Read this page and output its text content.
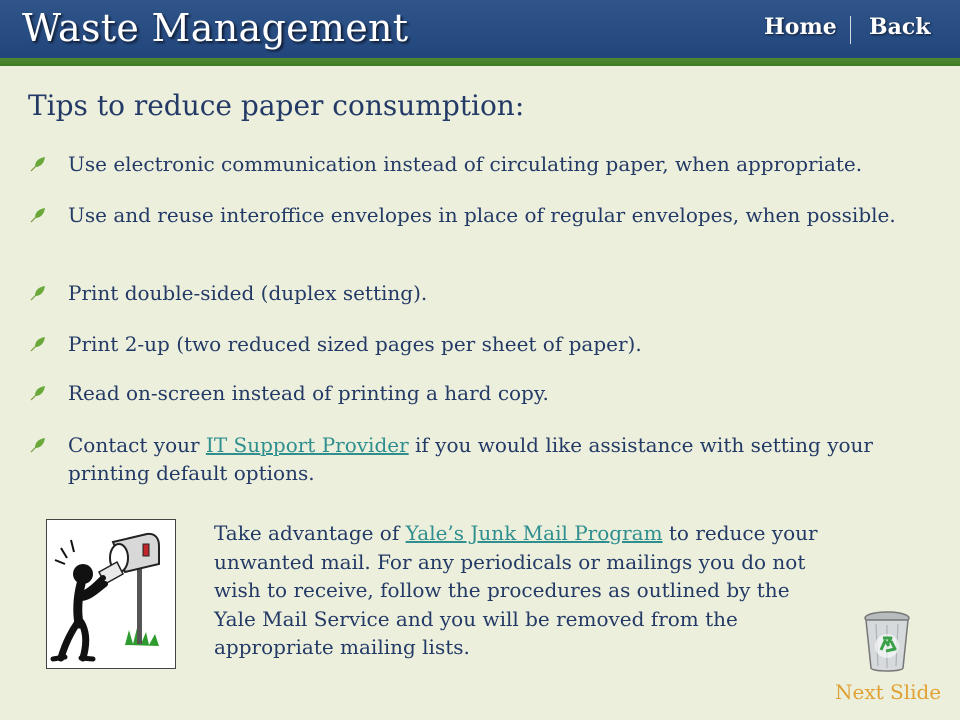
Waste Management	Home Back
Tips to reduce paper consumption:
Use electronic communication instead of circulating paper, when appropriate.
Use and reuse interoffice envelopes in place of regular envelopes, when possible.
Print double-sided (duplex setting).
Print 2-up (two reduced sized pages per sheet of paper).
Read on-screen instead of printing a hard copy.
Contact your IT Support Provider if you would like assistance with setting your printing default options.
Take advantage of Yale’s Junk Mail Program to reduce your unwanted mail. For any periodicals or mailings you do not wish to receive, follow the procedures as outlined by the Yale Mail Service and you will be removed from the appropriate mailing lists.
Next Slide
